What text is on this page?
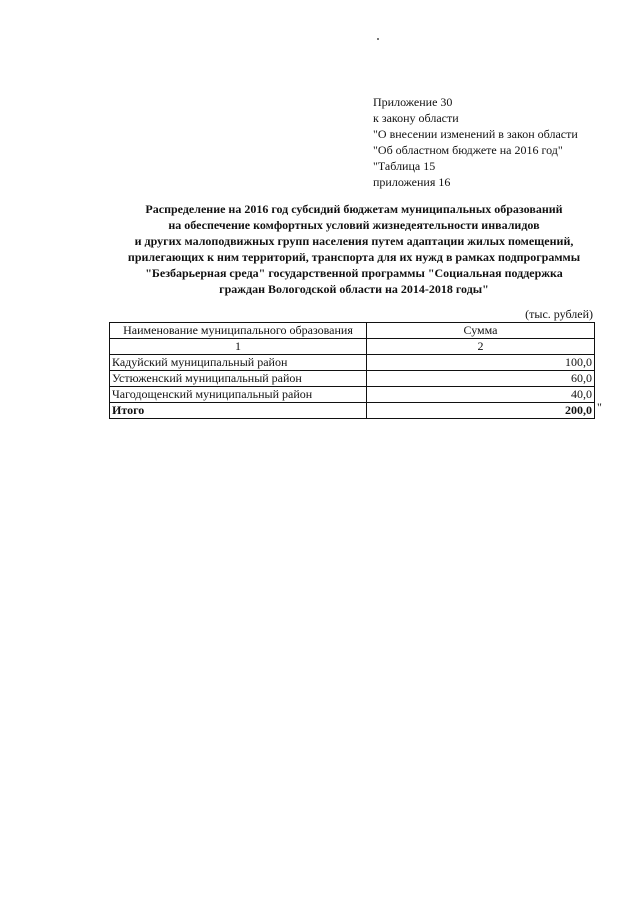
Приложение 30
к закону области
"О внесении изменений в закон области
"Об областном бюджете на 2016 год"
"Таблица 15
приложения 16
Распределение на 2016 год субсидий бюджетам муниципальных образований
на обеспечение комфортных условий жизнедеятельности инвалидов
и других малоподвижных групп населения путем адаптации жилых помещений,
прилегающих к ним территорий, транспорта для их нужд в рамках подпрограммы
"Безбарьерная среда" государственной программы "Социальная поддержка
граждан Вологодской области на 2014-2018 годы"
(тыс. рублей)
Наименование муниципального образования	Сумма
1	2
Кадуйский муниципальный район	100,0
Устюженский муниципальный район	60,0
Чагодощенский муниципальный район	40,0
Итого	200,0 "
